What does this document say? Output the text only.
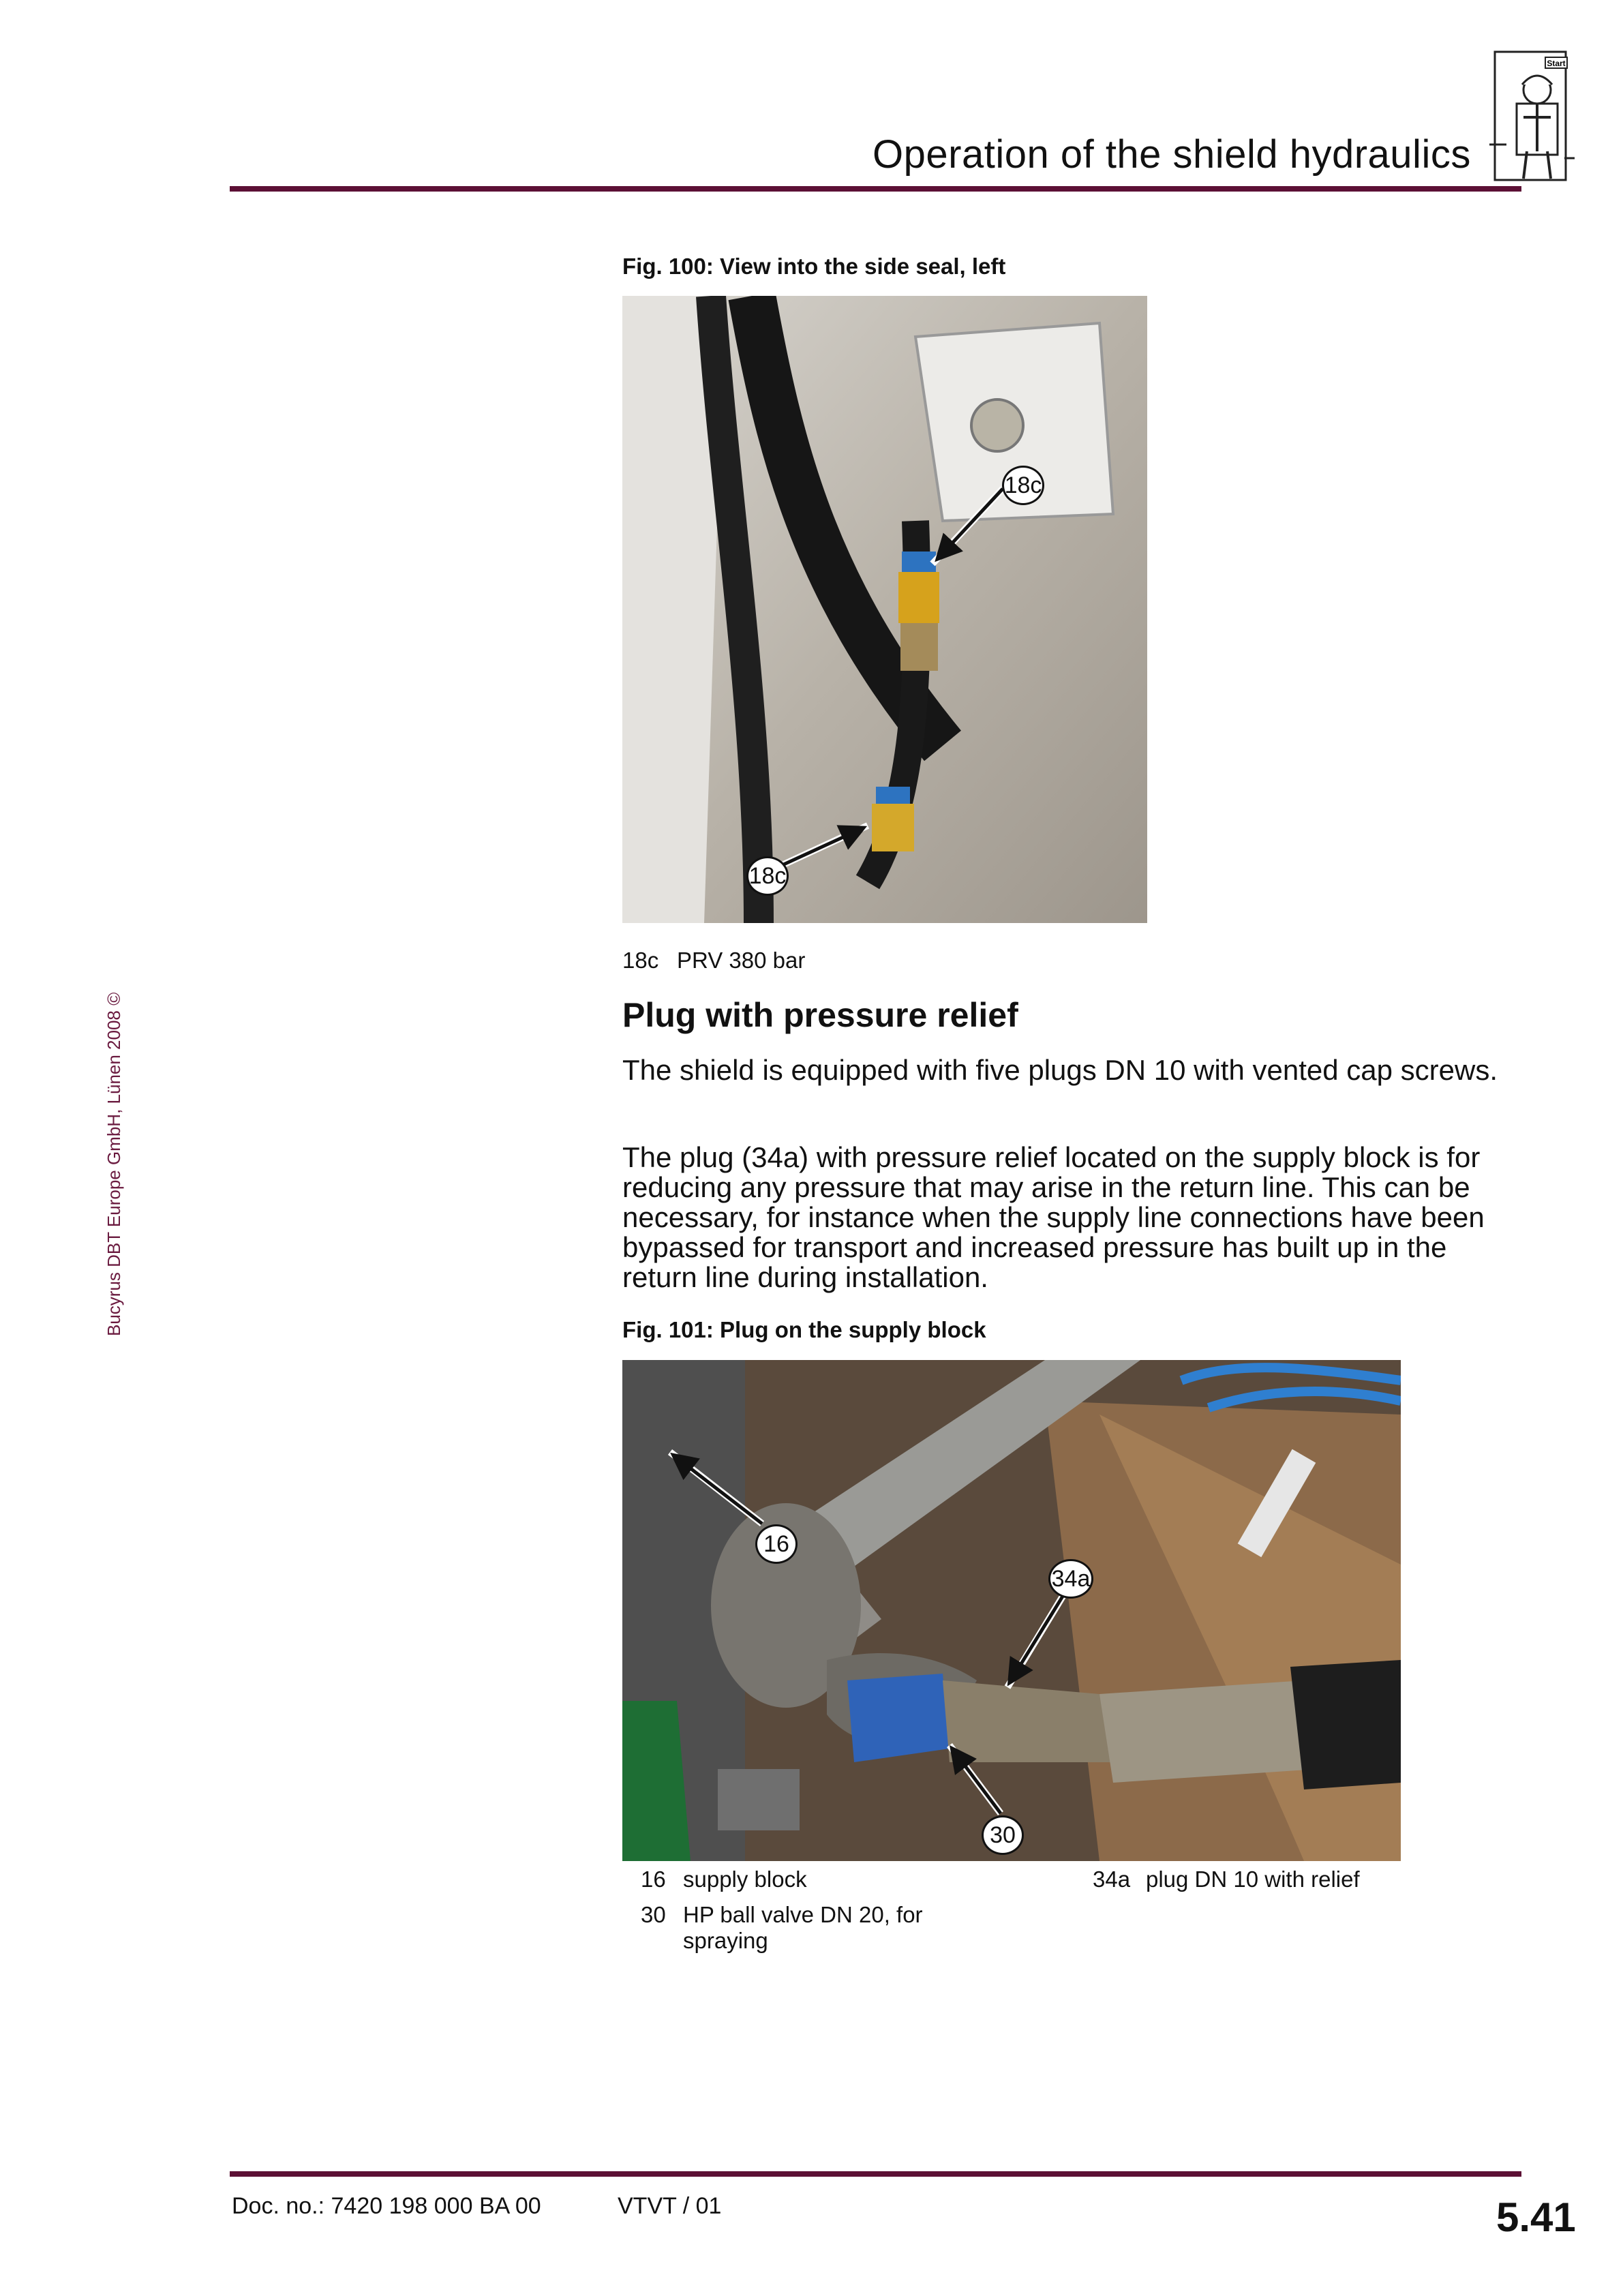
Operation of the shield hydraulics
Start
Bucyrus DBT Europe GmbH, Lünen 2008 ©
Fig. 100: View into the side seal, left
18c
18c
18c PRV 380 bar
Plug with pressure relief
The shield is equipped with five plugs DN 10 with vented cap screws.
The plug (34a) with pressure relief located on the supply block is for reducing any pressure that may arise in the return line. This can be necessary, for instance when the supply line connections have been bypassed for transport and increased pressure has built up in the return line during installation.
Fig. 101: Plug on the supply block
16
34a
30
16 supply block
30 HP ball valve DN 20, for spraying
34a plug DN 10 with relief
Doc. no.: 7420 198 000 BA 00	VTVT / 01	5.41
